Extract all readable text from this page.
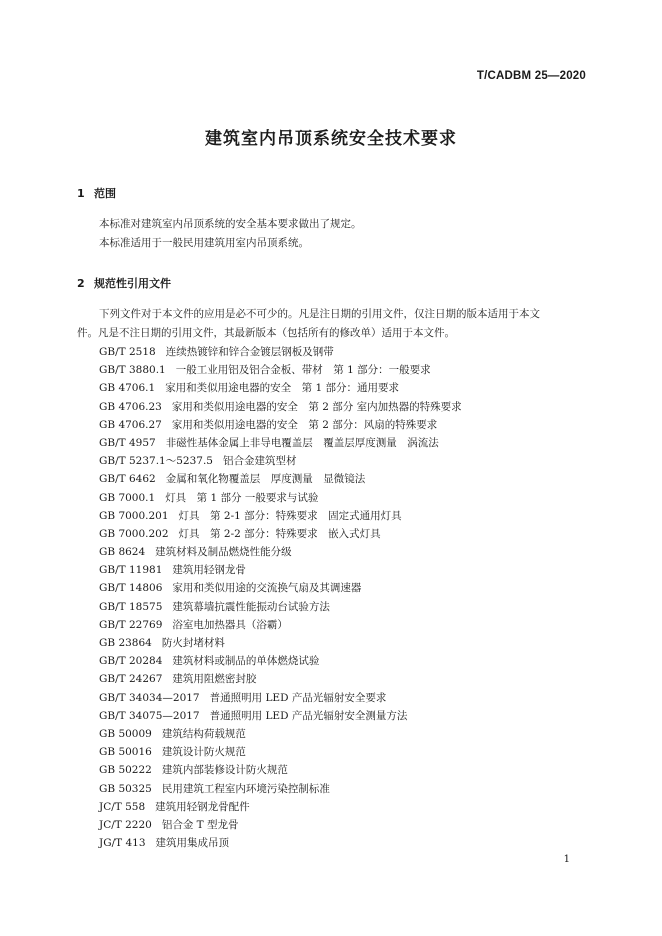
T/CADBM 25—2020
建筑室内吊顶系统安全技术要求
1 范围
本标准对建筑室内吊顶系统的安全基本要求做出了规定。
本标准适用于一般民用建筑用室内吊顶系统。
2 规范性引用文件
下列文件对于本文件的应用是必不可少的。凡是注日期的引用文件，仅注日期的版本适用于本文
件。凡是不注日期的引用文件，其最新版本（包括所有的修改单）适用于本文件。
GB/T 2518 连续热镀锌和锌合金镀层钢板及钢带
GB/T 3880.1 一般工业用铝及铝合金板、带材　第 1 部分：一般要求
GB 4706.1 家用和类似用途电器的安全　第 1 部分：通用要求
GB 4706.23 家用和类似用途电器的安全　第 2 部分 室内加热器的特殊要求
GB 4706.27 家用和类似用途电器的安全　第 2 部分：风扇的特殊要求
GB/T 4957 非磁性基体金属上非导电覆盖层　覆盖层厚度测量　涡流法
GB/T 5237.1～5237.5 铝合金建筑型材
GB/T 6462 金属和氧化物覆盖层　厚度测量　显微镜法
GB 7000.1 灯具　第 1 部分 一般要求与试验
GB 7000.201 灯具　第 2-1 部分：特殊要求　固定式通用灯具
GB 7000.202 灯具　第 2-2 部分：特殊要求　嵌入式灯具
GB 8624 建筑材料及制品燃烧性能分级
GB/T 11981 建筑用轻钢龙骨
GB/T 14806 家用和类似用途的交流换气扇及其调速器
GB/T 18575 建筑幕墙抗震性能振动台试验方法
GB/T 22769 浴室电加热器具（浴霸）
GB 23864 防火封堵材料
GB/T 20284 建筑材料或制品的单体燃烧试验
GB/T 24267 建筑用阻燃密封胶
GB/T 34034—2017 普通照明用 LED 产品光辐射安全要求
GB/T 34075—2017 普通照明用 LED 产品光辐射安全测量方法
GB 50009 建筑结构荷载规范
GB 50016 建筑设计防火规范
GB 50222 建筑内部装修设计防火规范
GB 50325 民用建筑工程室内环境污染控制标准
JC/T 558 建筑用轻钢龙骨配件
JC/T 2220 铝合金 T 型龙骨
JG/T 413 建筑用集成吊顶
1
